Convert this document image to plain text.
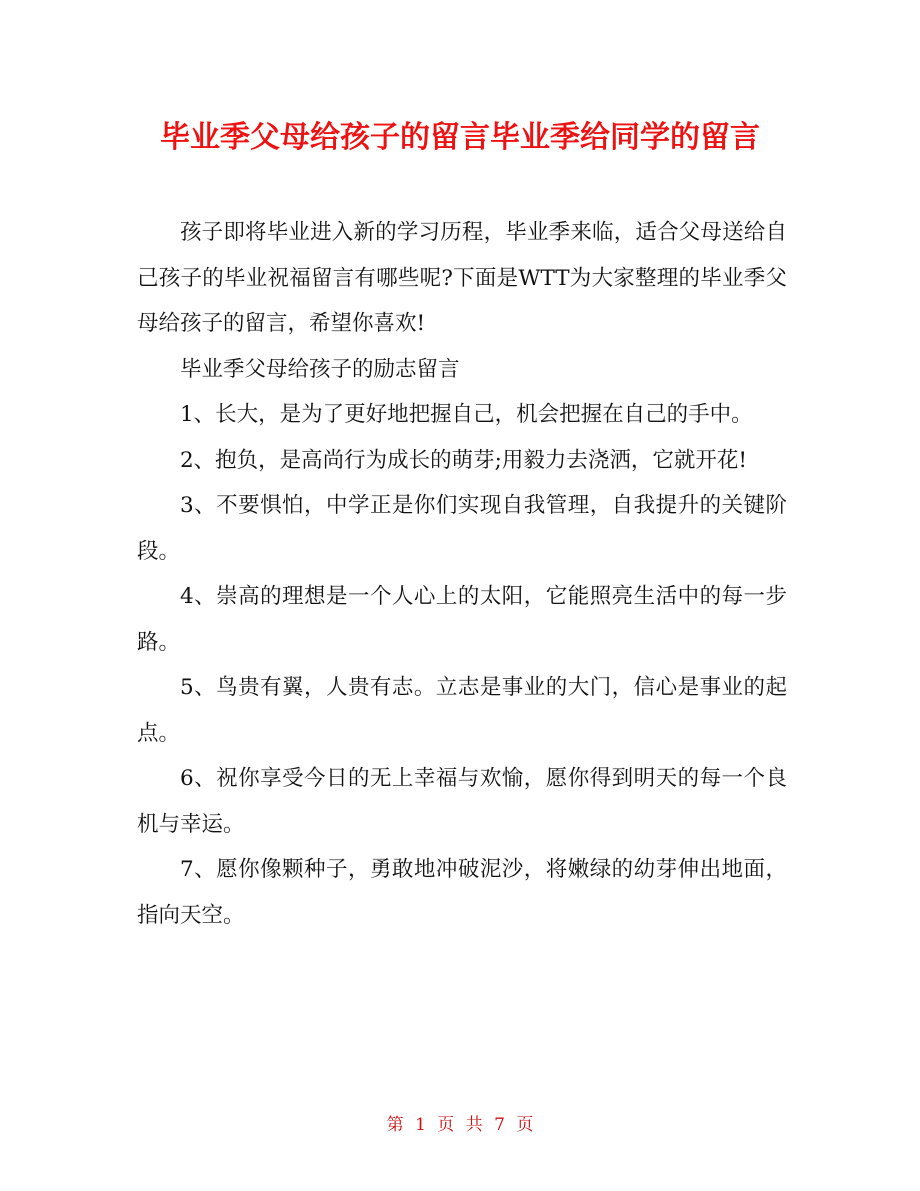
毕业季父母给孩子的留言毕业季给同学的留言

孩子即将毕业进入新的学习历程，毕业季来临，适合父母送给自己孩子的毕业祝福留言有哪些呢?下面是WTT为大家整理的毕业季父母给孩子的留言，希望你喜欢!

毕业季父母给孩子的励志留言

1、长大，是为了更好地把握自己，机会把握在自己的手中。

2、抱负，是高尚行为成长的萌芽;用毅力去浇洒，它就开花!

3、不要惧怕，中学正是你们实现自我管理，自我提升的关键阶段。

4、崇高的理想是一个人心上的太阳，它能照亮生活中的每一步路。

5、鸟贵有翼，人贵有志。立志是事业的大门，信心是事业的起点。

6、祝你享受今日的无上幸福与欢愉，愿你得到明天的每一个良机与幸运。

7、愿你像颗种子，勇敢地冲破泥沙，将嫩绿的幼芽伸出地面，指向天空。

第 1 页 共 7 页
